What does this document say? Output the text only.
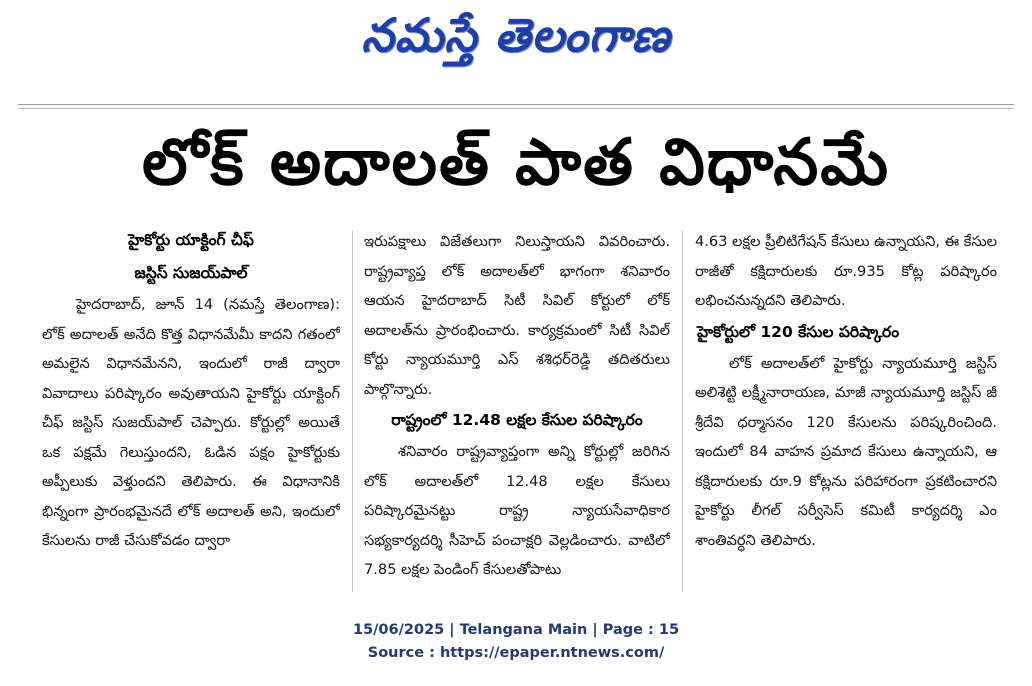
నమస్తే తెలంగాణ
లోక్ అదాలత్ పాత విధానమే
హైకోర్టు యాక్టింగ్ చీఫ్
జస్టిస్ సుజయ్‌పాల్

హైదరాబాద్, జూన్ 14 (నమస్తే తెలంగాణ): లోక్ అదాలత్ అనేది కొత్త విధానమేమీ కాదని గతంలో అమలైన విధానమేనని, ఇందులో రాజీ ద్వారా వివాదాలు పరిష్కారం అవుతాయని హైకోర్టు యాక్టింగ్ చీఫ్ జస్టిస్ సుజయ్‌పాల్ చెప్పారు. కోర్టుల్లో అయితే ఒక పక్షమే గెలుస్తుందని, ఓడిన పక్షం హైకోర్టుకు అప్పీలుకు వెళ్తుందని తెలిపారు. ఈ విధానానికి భిన్నంగా ప్రారంభమైనదే లోక్ అదాలత్ అని, ఇందులో కేసులను రాజీ చేసుకోవడం ద్వారా

ఇరుపక్షాలు విజేతలుగా నిలుస్తాయని వివరించారు. రాష్ట్రవ్యాప్త లోక్ అదాలత్‌లో భాగంగా శనివారం ఆయన హైదరాబాద్ సిటీ సివిల్ కోర్టులో లోక్ అదాలత్‌ను ప్రారంభించారు. కార్యక్రమంలో సిటీ సివిల్ కోర్టు న్యాయమూర్తి ఎస్ శశిధర్‌రెడ్డి తదితరులు పాల్గొన్నారు.

రాష్ట్రంలో 12.48 లక్షల కేసుల పరిష్కారం

శనివారం రాష్ట్రవ్యాప్తంగా అన్ని కోర్టుల్లో జరిగిన లోక్ అదాలత్‌లో 12.48 లక్షల కేసులు పరిష్కారమైనట్టు రాష్ట్ర న్యాయసేవాధికార సభ్యకార్యదర్శి సీహెచ్ పంచాక్షరి వెల్లడించారు. వాటిలో 7.85 లక్షల పెండింగ్ కేసులతోపాటు

4.63 లక్షల ప్రీలిటిగేషన్ కేసులు ఉన్నాయని, ఈ కేసుల రాజీతో కక్షిదారులకు రూ.935 కోట్ల పరిష్కారం లభించనున్నదని తెలిపారు.

హైకోర్టులో 120 కేసుల పరిష్కారం

లోక్ అదాలత్‌లో హైకోర్టు న్యాయమూర్తి జస్టిస్ అలిశెట్టి లక్ష్మీనారాయణ, మాజీ న్యాయమూర్తి జస్టిస్ జీ శ్రీదేవి ధర్మాసనం 120 కేసులను పరిష్కరించింది. ఇందులో 84 వాహన ప్రమాద కేసులు ఉన్నాయని, ఆ కక్షిదారులకు రూ.9 కోట్లను పరిహారంగా ప్రకటించారని హైకోర్టు లీగల్ సర్వీసెస్ కమిటీ కార్యదర్శి ఎం శాంతివర్ధని తెలిపారు.

15/06/2025 | Telangana Main | Page : 15
Source : https://epaper.ntnews.com/
